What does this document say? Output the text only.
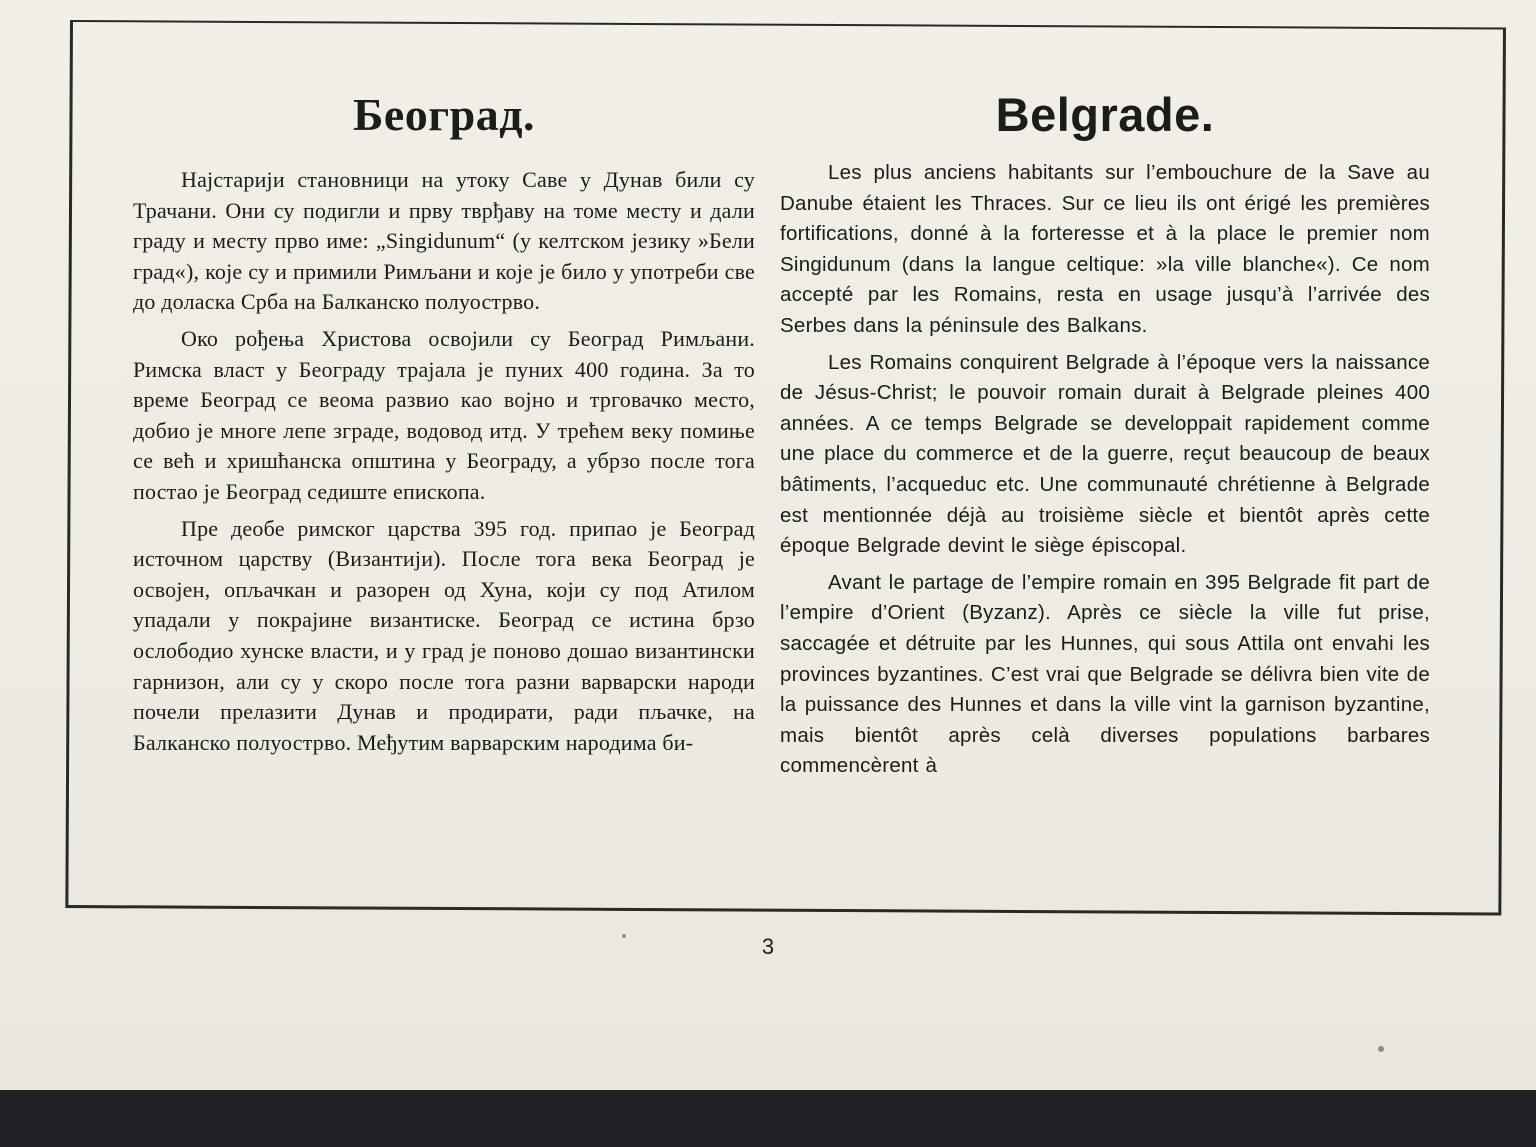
Београд.

Најстарији становници на утоку Саве у Дунав били су Трачани. Они су подигли и прву тврђаву на томе месту и дали граду и месту прво име: „Singidunum“ (у келтском језику »Бели град«), које су и примили Римљани и које је било у употреби све до доласка Срба на Балканско полуострво.

Око рођења Христова освојили су Београд Римљани. Римска власт у Београду трајала је пуних 400 година. За то време Београд се веома развио као војно и трговачко место, добио је многе лепе зграде, водовод итд. У трећем веку помиње се већ и хришћанска општина у Београду, а убрзо после тога постао је Београд седиште епископа.

Пре деобе римског царства 395 год. припао је Београд источном царству (Византији). После тога века Београд је освојен, опљачкан и разорен од Хуна, који су под Атилом упадали у покрајине византиске. Београд се истина брзо ослободио хунске власти, и у град је поново дошао византински гарнизон, али су у скоро после тога разни варварски народи почели прелазити Дунав и продирати, ради пљачке, на Балканско полуострво. Међутим варварским народима би-

Belgrade.

Les plus anciens habitants sur l’embouchure de la Save au Danube étaient les Thraces. Sur ce lieu ils ont érigé les premières fortifications, donné à la forteresse et à la place le premier nom Singidunum (dans la langue celtique: »la ville blanche«). Ce nom accepté par les Romains, resta en usage jusqu’à l’arrivée des Serbes dans la péninsule des Balkans.

Les Romains conquirent Belgrade à l’époque vers la naissance de Jésus-Christ; le pouvoir romain durait à Belgrade pleines 400 années. A ce temps Belgrade se developpait rapidement comme une place du commerce et de la guerre, reçut beaucoup de beaux bâtiments, l’acqueduc etc. Une communauté chrétienne à Belgrade est mentionnée déjà au troisième siècle et bientôt après cette époque Belgrade devint le siège épiscopal.

Avant le partage de l’empire romain en 395 Belgrade fit part de l’empire d’Orient (Byzanz). Après ce siècle la ville fut prise, saccagée et détruite par les Hunnes, qui sous Attila ont envahi les provinces byzantines. C’est vrai que Belgrade se délivra bien vite de la puissance des Hunnes et dans la ville vint la garnison byzantine, mais bientôt après celà diverses populations barbares commencèrent à

3
